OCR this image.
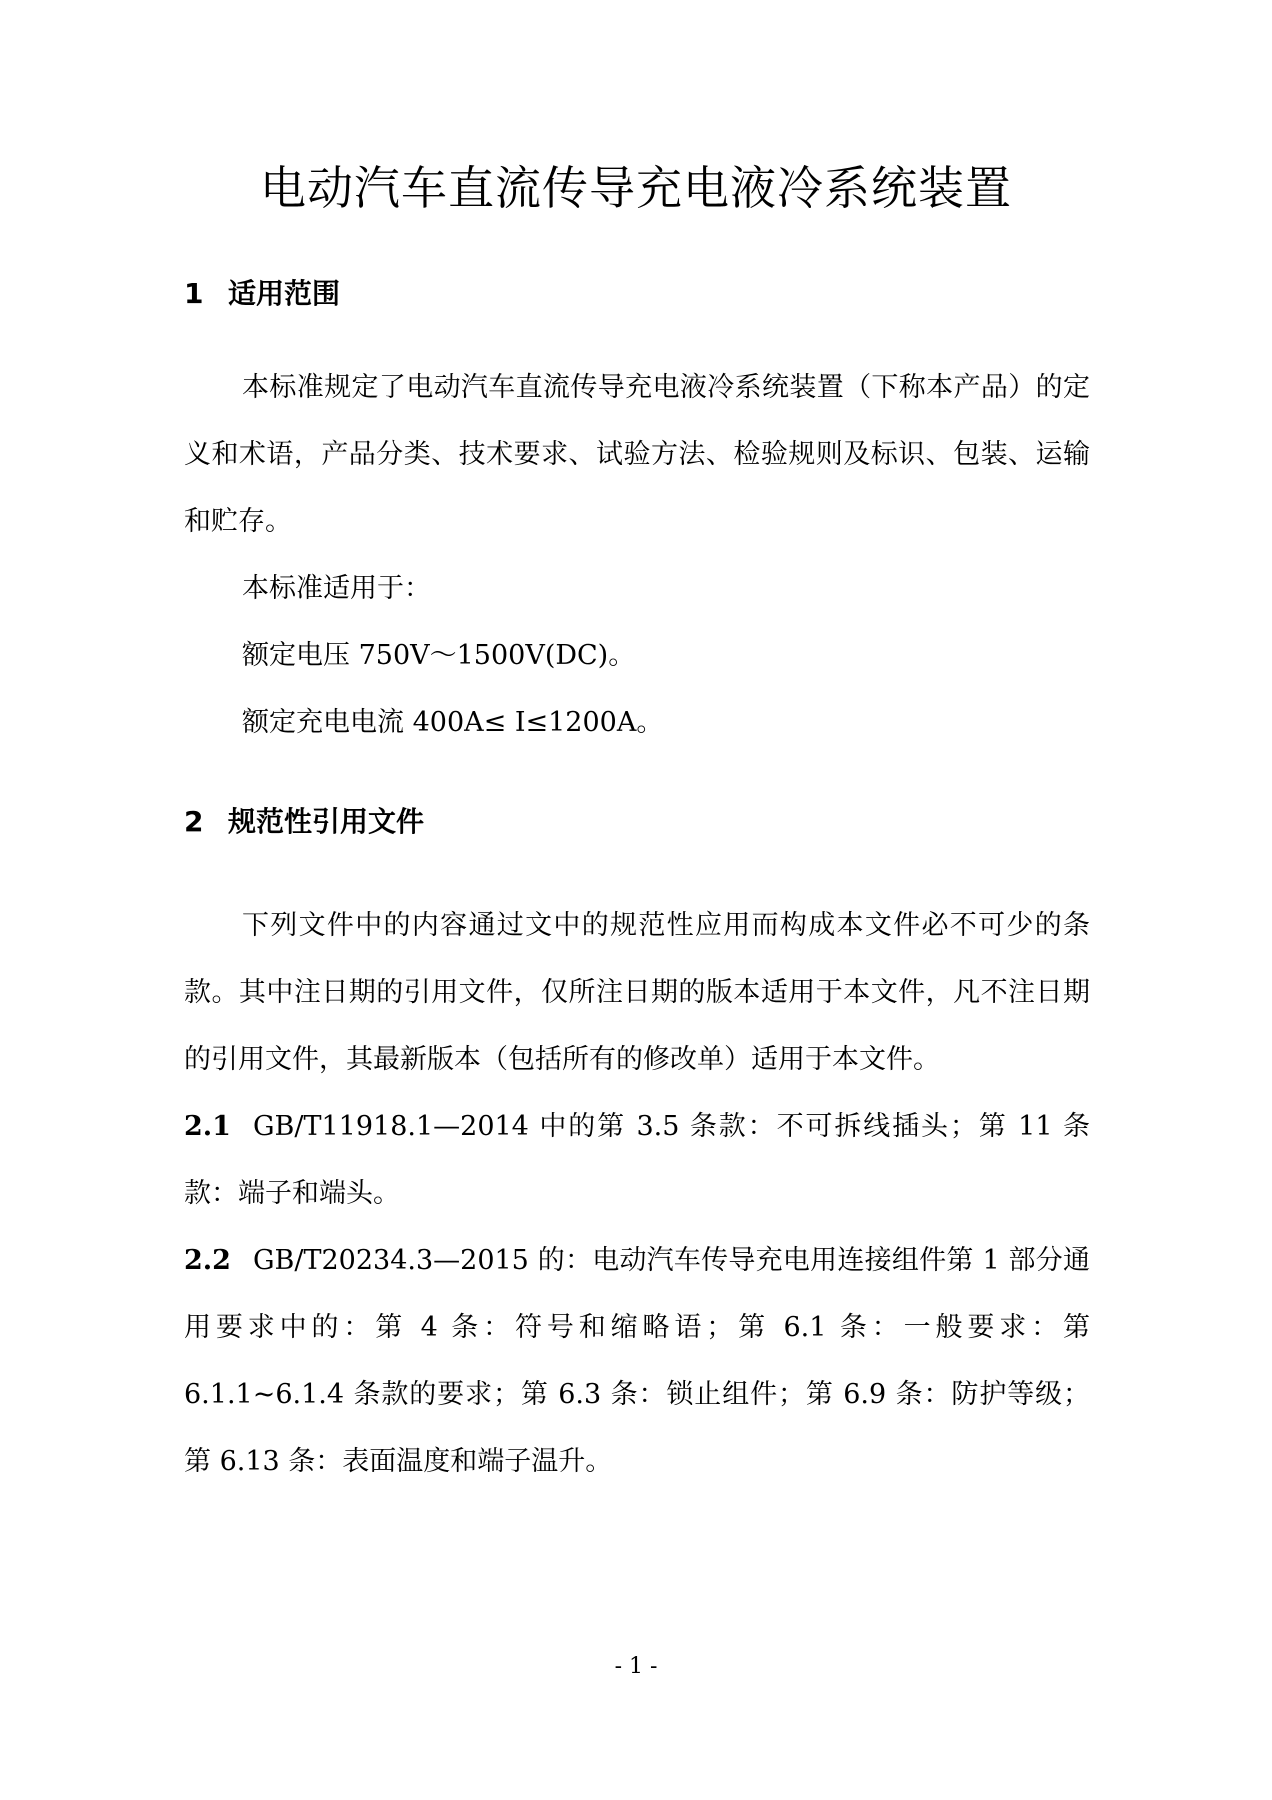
电动汽车直流传导充电液冷系统装置
1 适用范围

本标准规定了电动汽车直流传导充电液冷系统装置（下称本产品）的定义和术语，产品分类、技术要求、试验方法、检验规则及标识、包装、运输和贮存。

本标准适用于：

额定电压 750V～1500V(DC)。

额定充电电流 400A≤ I≤1200A。

2 规范性引用文件

下列文件中的内容通过文中的规范性应用而构成本文件必不可少的条款。其中注日期的引用文件，仅所注日期的版本适用于本文件，凡不注日期的引用文件，其最新版本（包括所有的修改单）适用于本文件。

2.1 GB/T11918.1—2014 中的第 3.5 条款：不可拆线插头；第 11 条款：端子和端头。

2.2 GB/T20234.3—2015 的：电动汽车传导充电用连接组件第 1 部分通用要求中的：第 4 条：符号和缩略语；第 6.1 条：一般要求：第 6.1.1~6.1.4 条款的要求；第 6.3 条：锁止组件；第 6.9 条：防护等级；第 6.13 条：表面温度和端子温升。

- 1 -
